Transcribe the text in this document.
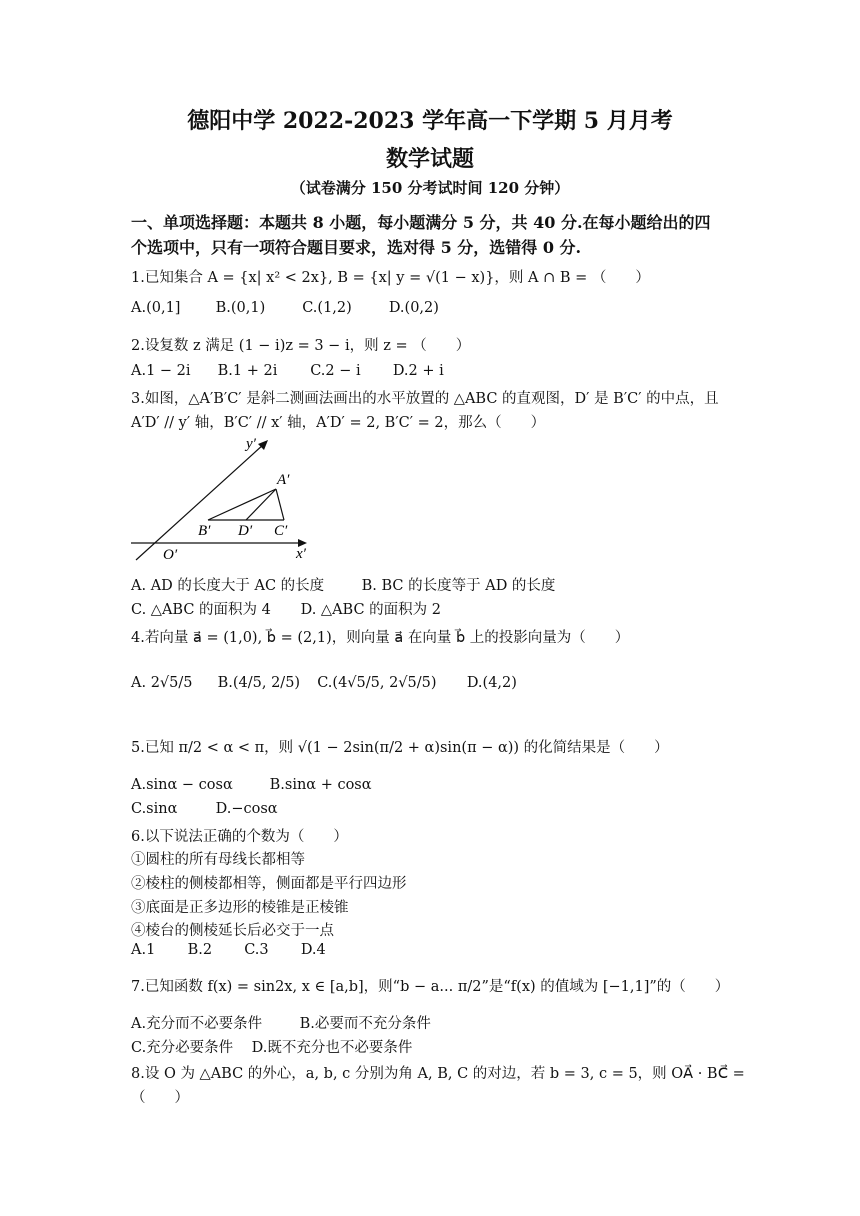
德阳中学 2022-2023 学年高一下学期 5 月月考
数学试题
（试卷满分 150 分考试时间 120 分钟）
一、单项选择题：本题共 8 小题，每小题满分 5 分，共 40 分.在每小题给出的四
个选项中，只有一项符合题目要求，选对得 5 分，选错得 0 分.
1.已知集合 A = {x| x² < 2x}, B = {x| y = √(1 − x)}，则 A ∩ B = （　　）
A.(0,1] B.(0,1)	C.(1,2)	D.(0,2)
2.设复数 z 满足 (1 − i)z = 3 − i，则 z = （　　）
A.1 − 2i B.1 + 2i C.2 − i D.2 + i
3.如图，△A′B′C′ 是斜二测画法画出的水平放置的 △ABC 的直观图，D′ 是 B′C′ 的中点，且
A′D′ // y′ 轴，B′C′ // x′ 轴，A′D′ = 2, B′C′ = 2，那么（　　）
y′
A′
B′ D′ C′
O′	x′
A. AD 的长度大于 AC 的长度	B. BC 的长度等于 AD 的长度
C. △ABC 的面积为 4 D. △ABC 的面积为 2
4.若向量 a⃗ = (1,0), b⃗ = (2,1)，则向量 a⃗ 在向量 b⃗ 上的投影向量为（　　）
A. 2√5/5 B.(4/5, 2/5) C.(4√5/5, 2√5/5) D.(4,2)
5.已知 π/2 < α < π，则 √(1 − 2sin(π/2 + α)sin(π − α)) 的化简结果是（　　）
A.sinα − cosα	B.sinα + cosα
C.sinα	D.−cosα
6.以下说法正确的个数为（　　）
①圆柱的所有母线长都相等
②棱柱的侧棱都相等，侧面都是平行四边形
③底面是正多边形的棱锥是正棱锥
④棱台的侧棱延长后必交于一点
A.1 B.2 C.3 D.4
7.已知函数 f(x) = sin2x, x ∈ [a,b]，则“b − a... π/2”是“f(x) 的值域为 [−1,1]”的（　　）
A.充分而不必要条件	B.必要而不充分条件
C.充分必要条件 D.既不充分也不必要条件
8.设 O 为 △ABC 的外心，a, b, c 分别为角 A, B, C 的对边，若 b = 3, c = 5，则 OA⃗ · BC⃗ =
（　　）
